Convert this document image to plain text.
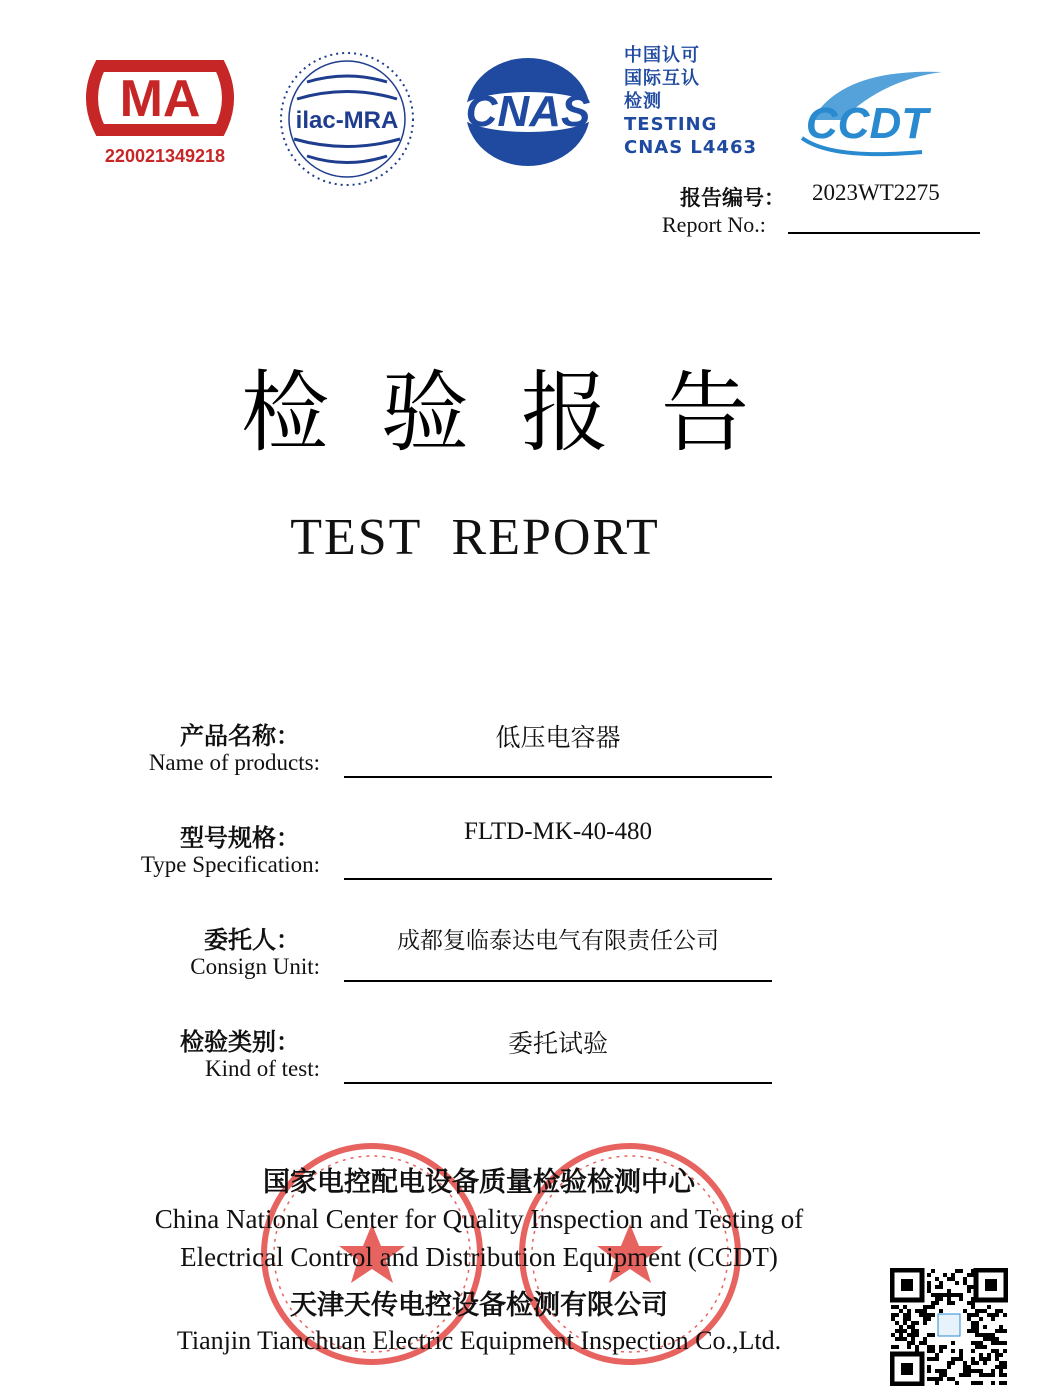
MA
220021349218
ilac-MRA CNAS
中国认可
国际互认
检测
TESTING
CNAS L4463	CCDT
报告编号： 2023WT2275
Report No.:
检 验 报 告
TEST  REPORT
产品名称：
Name of products:
低压电容器
型号规格：
Type Specification:
FLTD-MK-40-480
委托人：
Consign Unit:
成都复临泰达电气有限责任公司
检验类别：
Kind of test:
委托试验
国家电控配电设备质量检验检测中心
China National Center for Quality Inspection and Testing of
Electrical Control and Distribution Equipment (CCDT)
天津天传电控设备检测有限公司
Tianjin Tianchuan Electric Equipment Inspection Co.,Ltd.
